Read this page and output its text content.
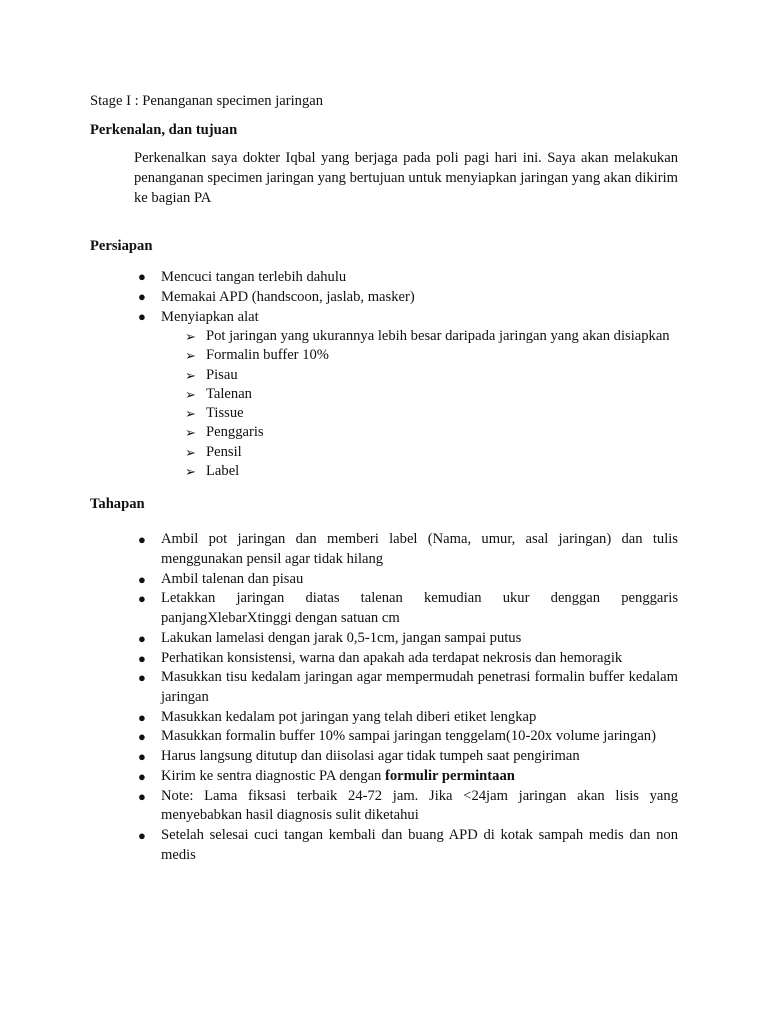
Stage I : Penanganan specimen jaringan

Perkenalan, dan tujuan

Perkenalkan saya dokter Iqbal yang berjaga pada poli pagi hari ini. Saya akan melakukan penanganan specimen jaringan yang bertujuan untuk menyiapkan jaringan yang akan dikirim ke bagian PA

Persiapan

● Mencuci tangan terlebih dahulu
● Memakai APD (handscoon, jaslab, masker)
● Menyiapkan alat
➢ Pot jaringan yang ukurannya lebih besar daripada jaringan yang akan disiapkan
➢ Formalin buffer 10%
➢ Pisau
➢ Talenan
➢ Tissue
➢ Penggaris
➢ Pensil
➢ Label

Tahapan

● Ambil pot jaringan dan memberi label (Nama, umur, asal jaringan) dan tulis menggunakan pensil agar tidak hilang
● Ambil talenan dan pisau
● Letakkan jaringan diatas talenan kemudian ukur denggan penggaris panjangXlebarXtinggi dengan satuan cm
● Lakukan lamelasi dengan jarak 0,5-1cm, jangan sampai putus
● Perhatikan konsistensi, warna dan apakah ada terdapat nekrosis dan hemoragik
● Masukkan tisu kedalam jaringan agar mempermudah penetrasi formalin buffer kedalam jaringan
● Masukkan kedalam pot jaringan yang telah diberi etiket lengkap
● Masukkan formalin buffer 10% sampai jaringan tenggelam(10-20x volume jaringan)
● Harus langsung ditutup dan diisolasi agar tidak tumpeh saat pengiriman
● Kirim ke sentra diagnostic PA dengan formulir permintaan
● Note: Lama fiksasi terbaik 24-72 jam. Jika <24jam jaringan akan lisis yang menyebabkan hasil diagnosis sulit diketahui
● Setelah selesai cuci tangan kembali dan buang APD di kotak sampah medis dan non medis
